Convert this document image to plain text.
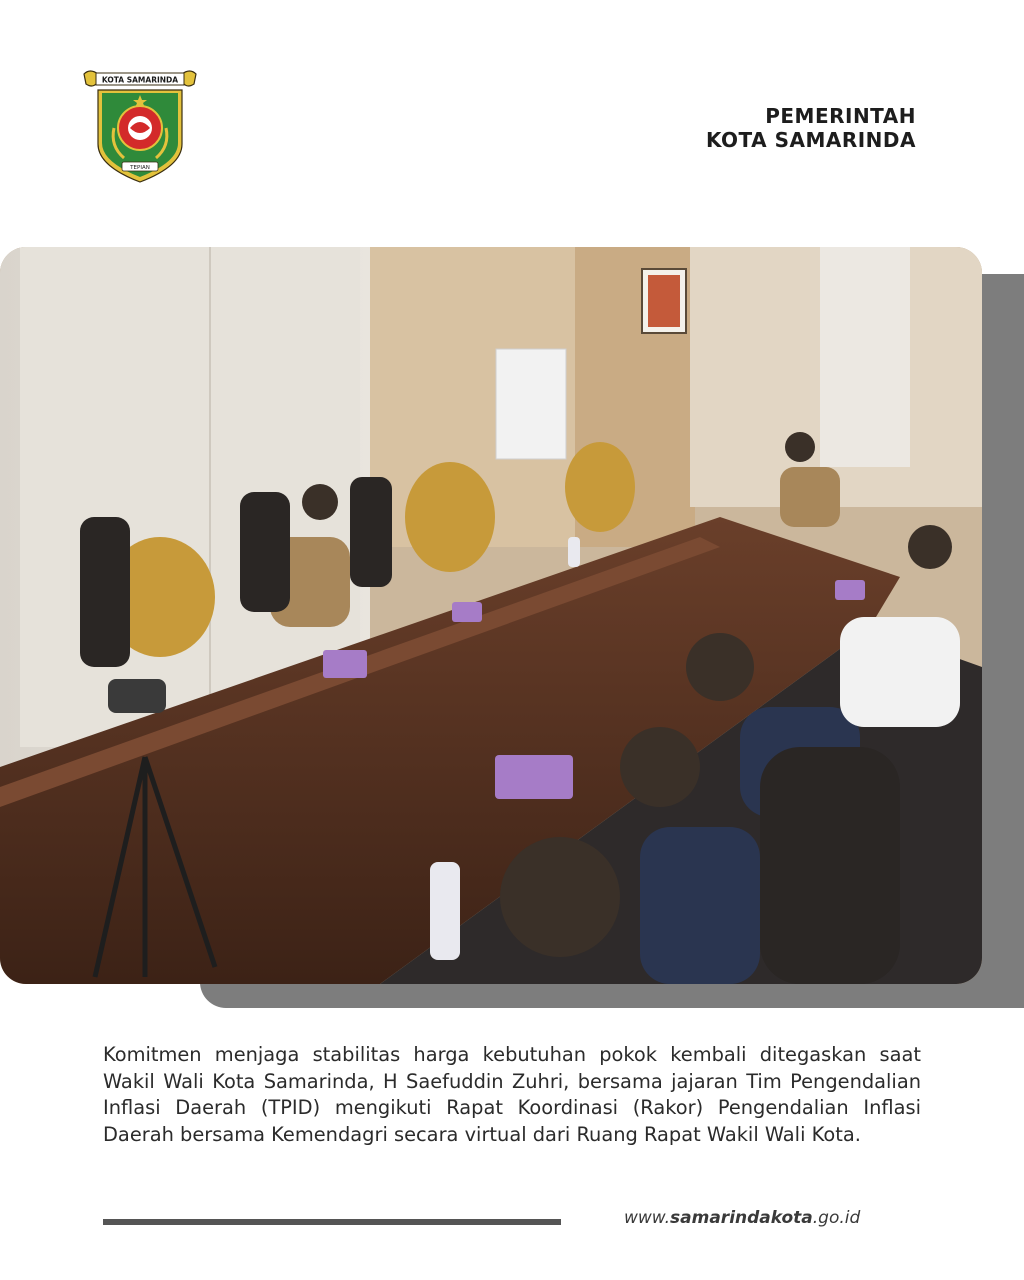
KOTA SAMARINDA
TEPIAN
PEMERINTAH
KOTA SAMARINDA
Komitmen menjaga stabilitas harga kebutuhan pokok kembali ditegaskan saat Wakil Wali Kota Samarinda, H Saefuddin Zuhri, bersama jajaran Tim Pengendalian Inflasi Daerah (TPID) mengikuti Rapat Koordinasi (Rakor) Pengendalian Inflasi Daerah bersama Kemendagri secara virtual dari Ruang Rapat Wakil Wali Kota.
www.samarindakota.go.id
